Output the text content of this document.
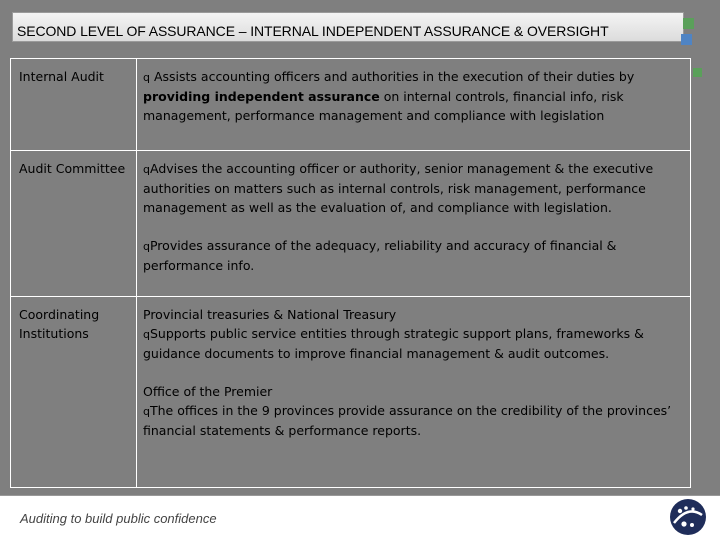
SECOND LEVEL OF ASSURANCE – INTERNAL INDEPENDENT ASSURANCE & OVERSIGHT
Internal Audit	q Assists accounting officers and authorities in the execution of their duties by providing independent assurance on internal controls, financial info, risk management, performance management and compliance with legislation

Audit Committee	qAdvises the accounting officer or authority, senior management & the executive authorities on matters such as internal controls, risk management, performance management as well as the evaluation of, and compliance with legislation.

qProvides assurance of the adequacy, reliability and accuracy of financial & performance info.

Coordinating Institutions

Provincial treasuries & National Treasury
qSupports public service entities through strategic support plans, frameworks & guidance documents to improve financial management & audit outcomes.

Office of the Premier
qThe offices in the 9 provinces provide assurance on the credibility of the provinces’ financial statements & performance reports.

Auditing to build public confidence
